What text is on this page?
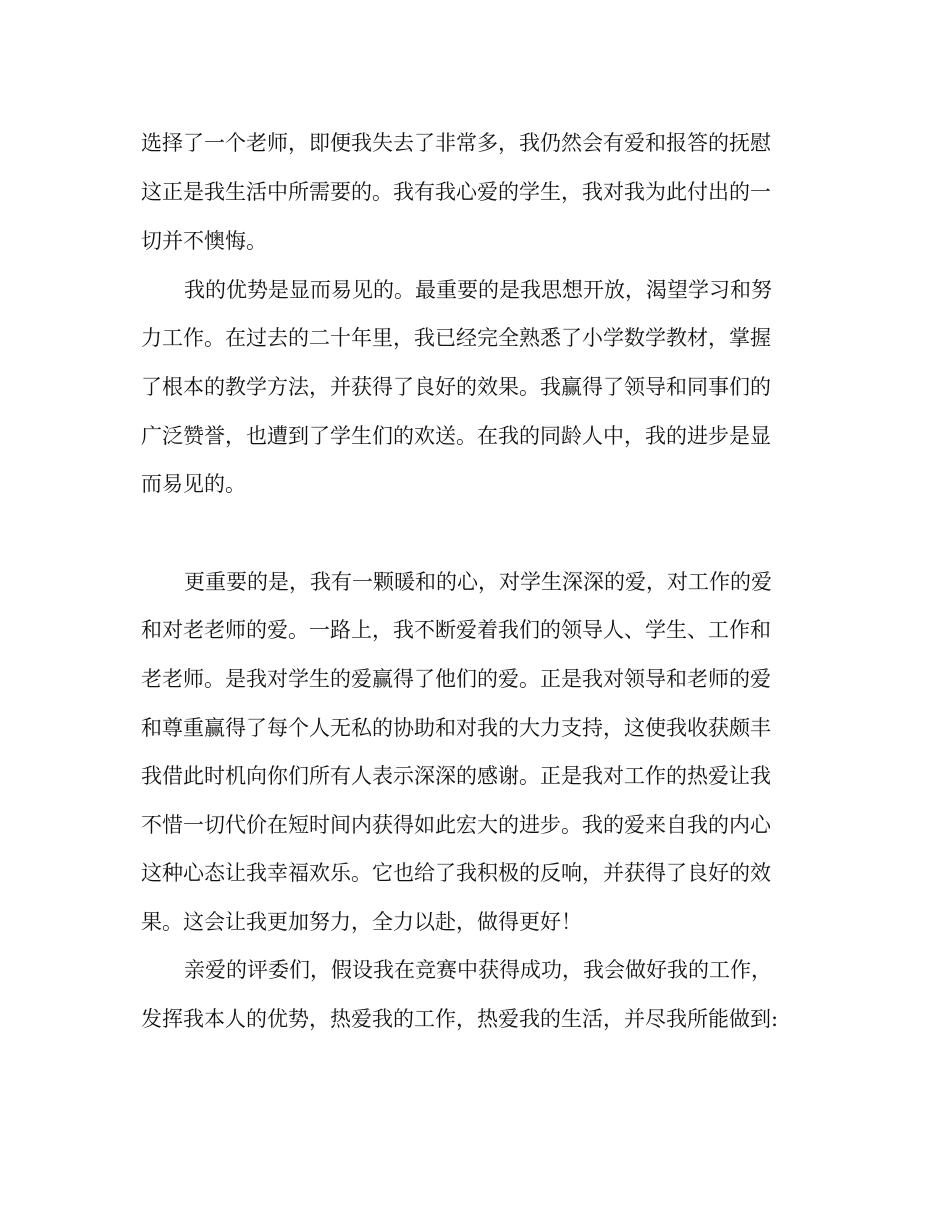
选择了一个老师，即便我失去了非常多，我仍然会有爱和报答的抚慰
这正是我生活中所需要的。我有我心爱的学生，我对我为此付出的一
切并不懊悔。
我的优势是显而易见的。最重要的是我思想开放，渴望学习和努
力工作。在过去的二十年里，我已经完全熟悉了小学数学教材，掌握
了根本的教学方法，并获得了良好的效果。我赢得了领导和同事们的
广泛赞誉，也遭到了学生们的欢送。在我的同龄人中，我的进步是显
而易见的。
更重要的是，我有一颗暖和的心，对学生深深的爱，对工作的爱
和对老老师的爱。一路上，我不断爱着我们的领导人、学生、工作和
老老师。是我对学生的爱赢得了他们的爱。正是我对领导和老师的爱
和尊重赢得了每个人无私的协助和对我的大力支持，这使我收获颇丰
我借此时机向你们所有人表示深深的感谢。正是我对工作的热爱让我
不惜一切代价在短时间内获得如此宏大的进步。我的爱来自我的内心
这种心态让我幸福欢乐。它也给了我积极的反响，并获得了良好的效
果。这会让我更加努力，全力以赴，做得更好！
亲爱的评委们，假设我在竞赛中获得成功，我会做好我的工作，
发挥我本人的优势，热爱我的工作，热爱我的生活，并尽我所能做到:
